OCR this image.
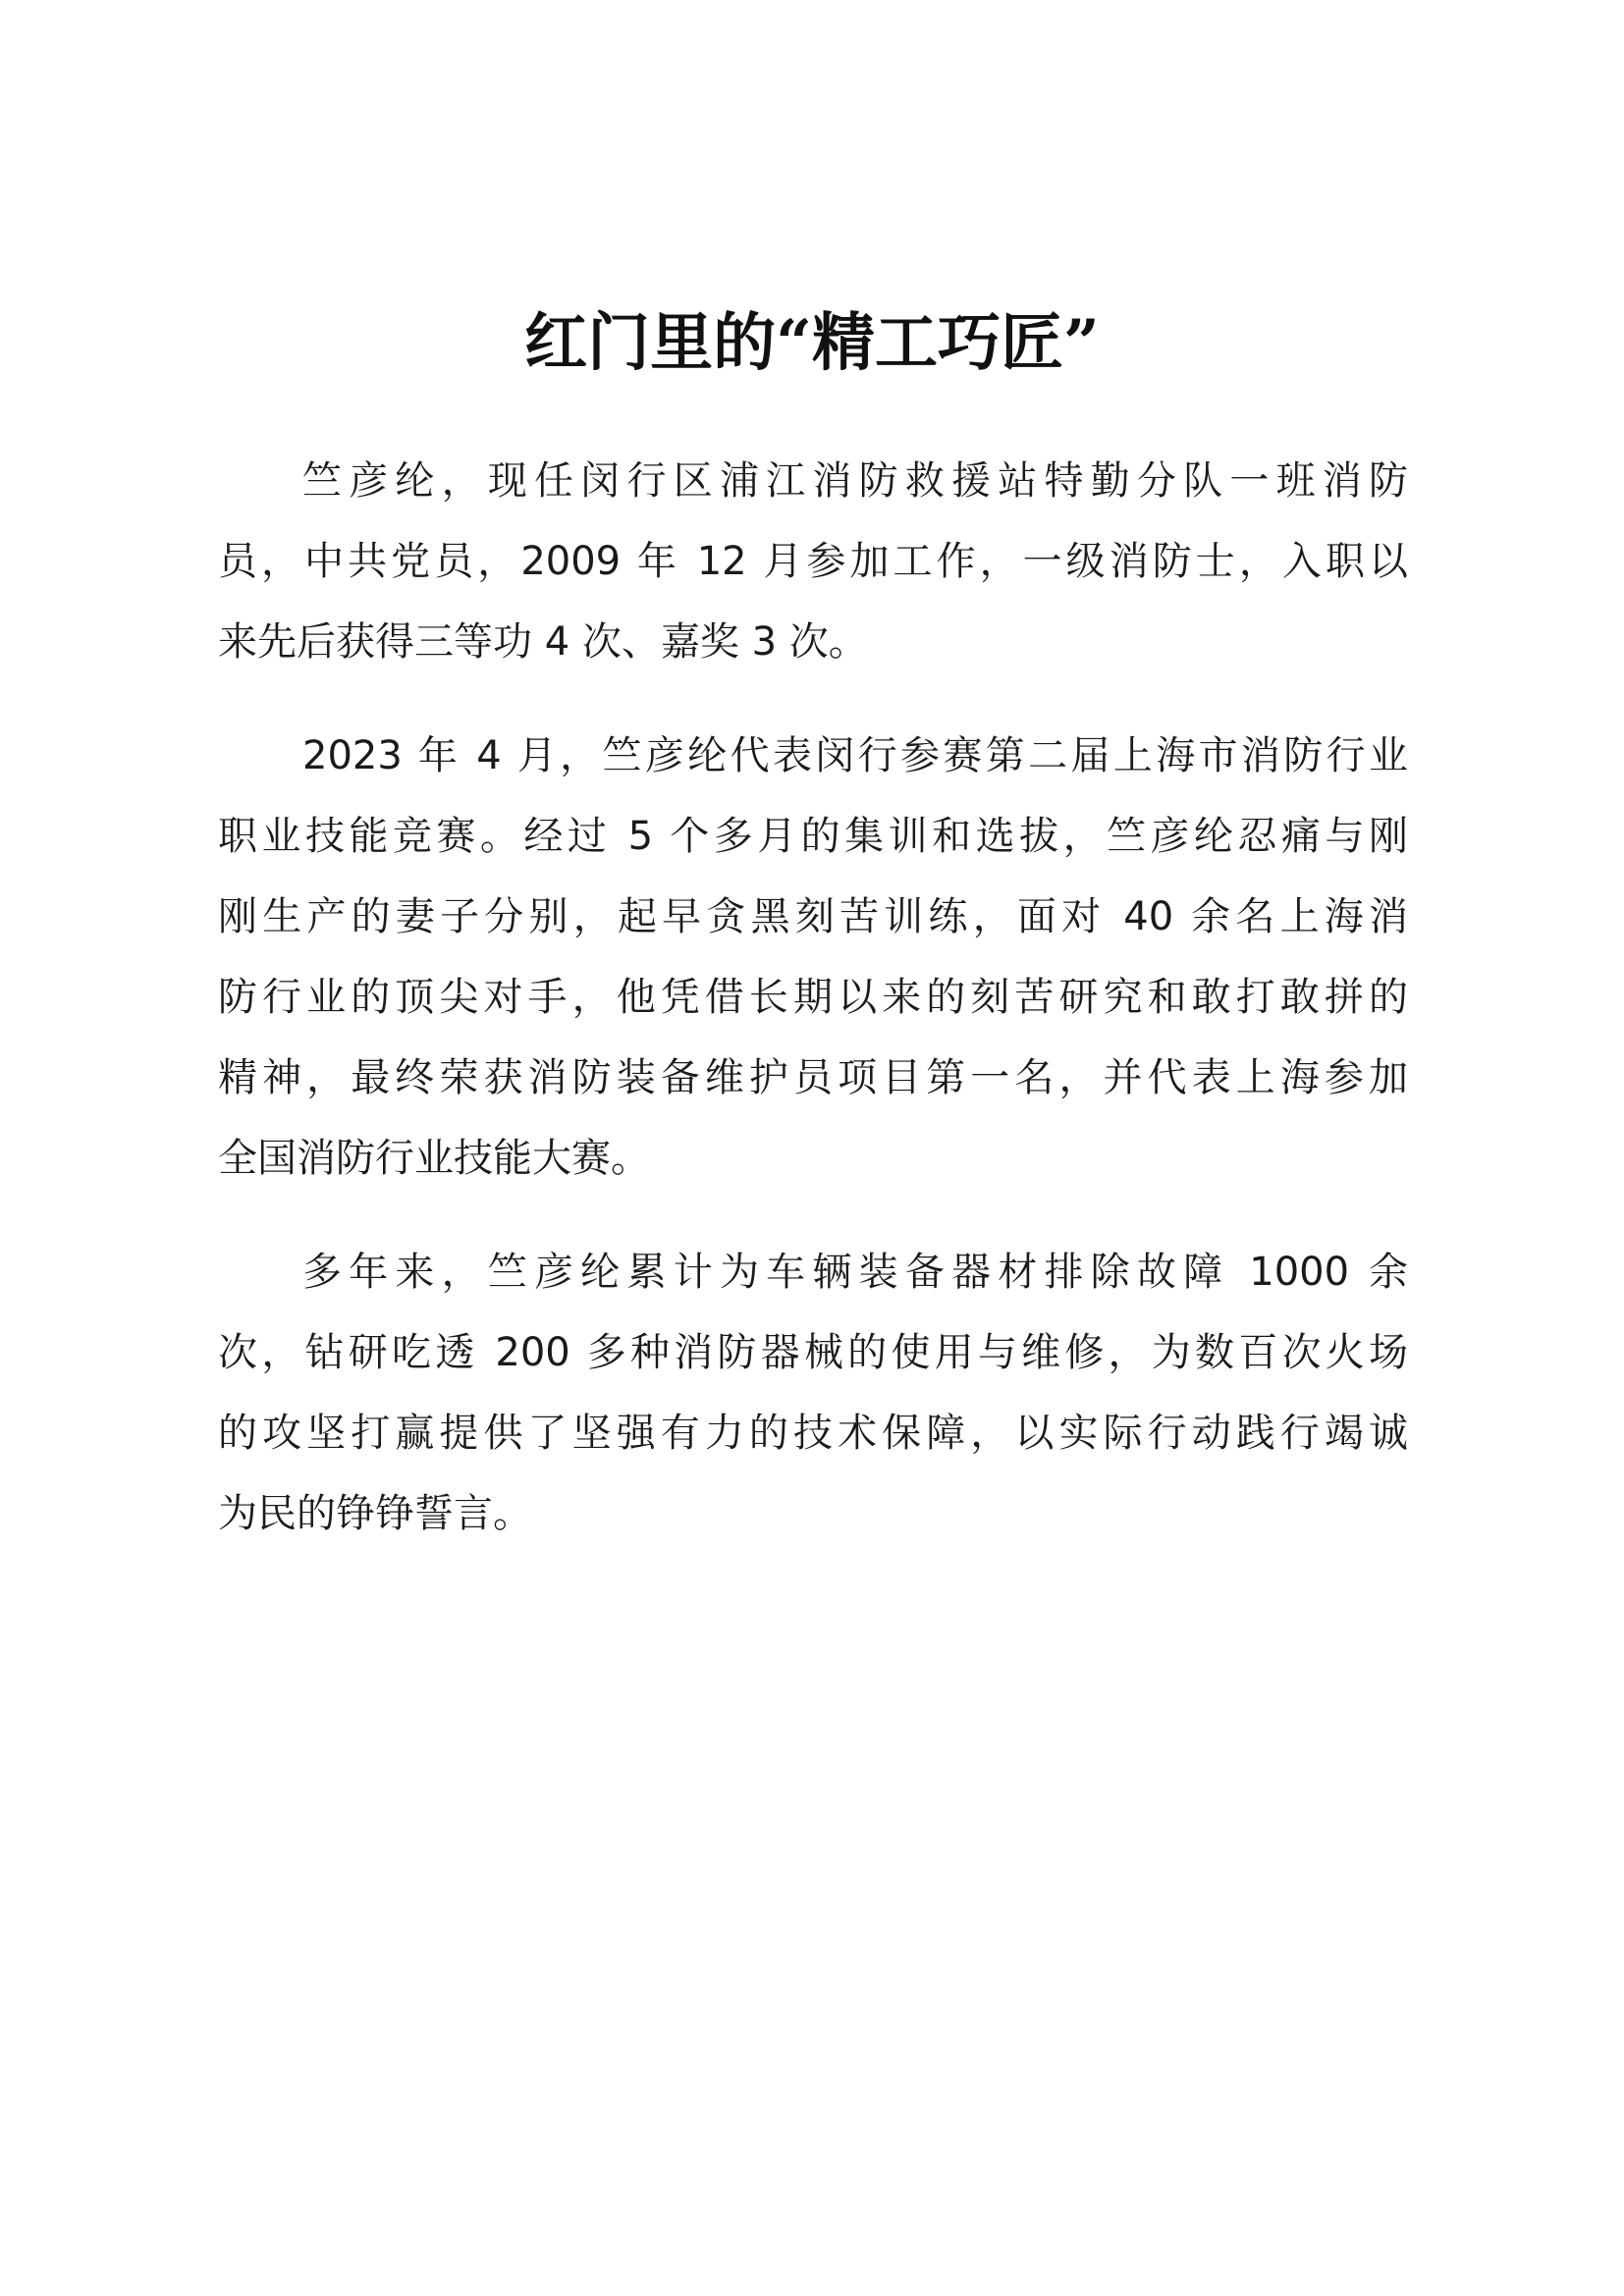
红门里的“精工巧匠”

竺彦纶，现任闵行区浦江消防救援站特勤分队一班消防
员，中共党员，2009 年 12 月参加工作，一级消防士，入职以
来先后获得三等功 4 次、嘉奖 3 次。

2023 年 4 月，竺彦纶代表闵行参赛第二届上海市消防行业
职业技能竞赛。经过 5 个多月的集训和选拔，竺彦纶忍痛与刚
刚生产的妻子分别，起早贪黑刻苦训练，面对 40 余名上海消
防行业的顶尖对手，他凭借长期以来的刻苦研究和敢打敢拼的
精神，最终荣获消防装备维护员项目第一名，并代表上海参加
全国消防行业技能大赛。

多年来，竺彦纶累计为车辆装备器材排除故障 1000 余
次，钻研吃透 200 多种消防器械的使用与维修，为数百次火场
的攻坚打赢提供了坚强有力的技术保障，以实际行动践行竭诚
为民的铮铮誓言。
